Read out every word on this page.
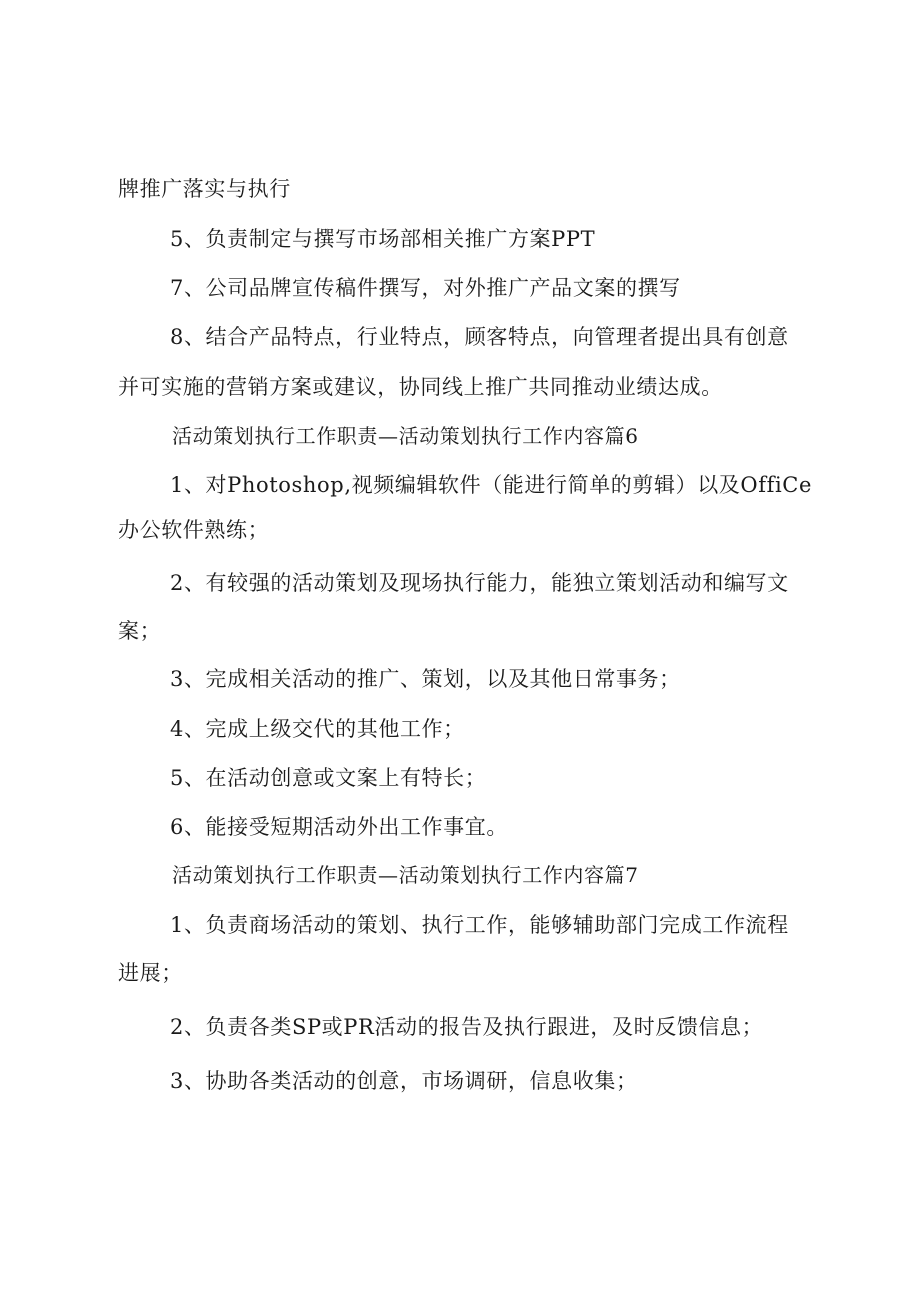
牌推广落实与执行
5、负责制定与撰写市场部相关推广方案PPT
7、公司品牌宣传稿件撰写，对外推广产品文案的撰写
8、结合产品特点，行业特点，顾客特点，向管理者提出具有创意
并可实施的营销方案或建议，协同线上推广共同推动业绩达成。
活动策划执行工作职责—活动策划执行工作内容篇6
1、对Photoshop,视频编辑软件（能进行简单的剪辑）以及OffiCe
办公软件熟练；
2、有较强的活动策划及现场执行能力，能独立策划活动和编写文
案；
3、完成相关活动的推广、策划，以及其他日常事务；
4、完成上级交代的其他工作；
5、在活动创意或文案上有特长；
6、能接受短期活动外出工作事宜。
活动策划执行工作职责—活动策划执行工作内容篇7
1、负责商场活动的策划、执行工作，能够辅助部门完成工作流程
进展；
2、负责各类SP或PR活动的报告及执行跟进，及时反馈信息；
3、协助各类活动的创意，市场调研，信息收集；
